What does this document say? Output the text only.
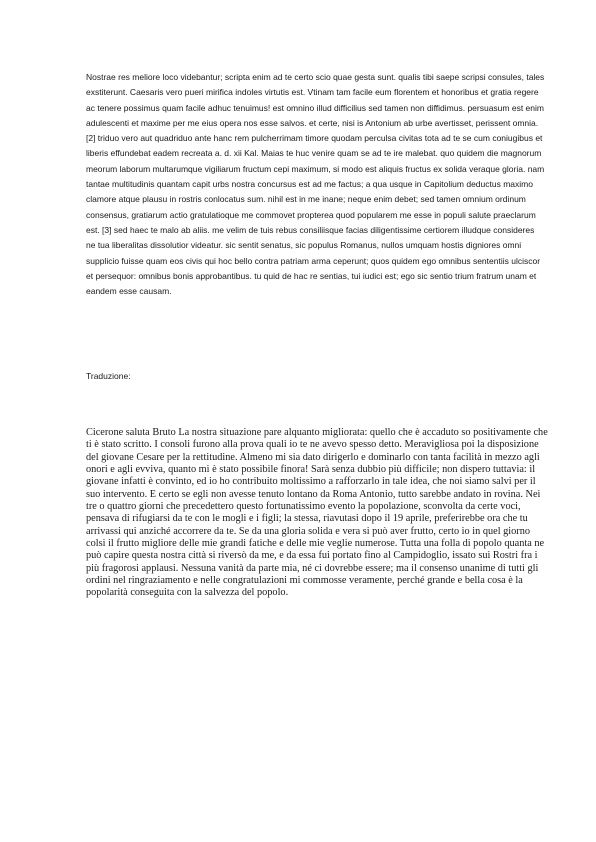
Nostrae res meliore loco videbantur; scripta enim ad te certo scio quae gesta sunt. qualis tibi saepe scripsi consules, tales exstiterunt. Caesaris vero pueri mirifica indoles virtutis est. Vtinam tam facile eum florentem et honoribus et gratia regere ac tenere possimus quam facile adhuc tenuimus! est omnino illud difficilius sed tamen non diffidimus. persuasum est enim adulescenti et maxime per me eius opera nos esse salvos. et certe, nisi is Antonium ab urbe avertisset, perissent omnia. [2] triduo vero aut quadriduo ante hanc rem pulcherrimam timore quodam perculsa civitas tota ad te se cum coniugibus et liberis effundebat eadem recreata a. d. xii Kal. Maias te huc venire quam se ad te ire malebat. quo quidem die magnorum meorum laborum multarumque vigiliarum fructum cepi maximum, si modo est aliquis fructus ex solida veraque gloria. nam tantae multitudinis quantam capit urbs nostra concursus est ad me factus; a qua usque in Capitolium deductus maximo clamore atque plausu in rostris conlocatus sum. nihil est in me inane; neque enim debet; sed tamen omnium ordinum consensus, gratiarum actio gratulatioque me commovet propterea quod popularem me esse in populi salute praeclarum est. [3] sed haec te malo ab aliis. me velim de tuis rebus consiliisque facias diligentissime certiorem illudque consideres ne tua liberalitas dissolutior videatur. sic sentit senatus, sic populus Romanus, nullos umquam hostis digniores omni supplicio fuisse quam eos civis qui hoc bello contra patriam arma ceperunt; quos quidem ego omnibus sententiis ulciscor et persequor: omnibus bonis approbantibus. tu quid de hac re sentias, tui iudici est; ego sic sentio trium fratrum unam et eandem esse causam.

Traduzione:

Cicerone saluta Bruto La nostra situazione pare alquanto migliorata: quello che è accaduto so positivamente che ti è stato scritto. I consoli furono alla prova quali io te ne avevo spesso detto. Meravigliosa poi la disposizione del giovane Cesare per la rettitudine. Almeno mi sia dato dirigerlo e dominarlo con tanta facilità in mezzo agli onori e agli evviva, quanto mi è stato possibile finora! Sarà senza dubbio più difficile; non dispero tuttavia: il giovane infatti è convinto, ed io ho contribuito moltissimo a rafforzarlo in tale idea, che noi siamo salvi per il suo intervento. E certo se egli non avesse tenuto lontano da Roma Antonio, tutto sarebbe andato in rovina. Nei tre o quattro giorni che precedettero questo fortunatissimo evento la popolazione, sconvolta da certe voci, pensava di rifugiarsi da te con le mogli e i figli; la stessa, riavutasi dopo il 19 aprile, preferirebbe ora che tu arrivassi qui anziché accorrere da te. Se da una gloria solida e vera si può aver frutto, certo io in quel giorno colsi il frutto migliore delle mie grandi fatiche e delle mie veglie numerose. Tutta una folla di popolo quanta ne può capire questa nostra città si riversò da me, e da essa fui portato fino al Campidoglio, issato sui Rostri fra i più fragorosi applausi. Nessuna vanità da parte mia, né ci dovrebbe essere; ma il consenso unanime di tutti gli ordini nel ringraziamento e nelle congratulazioni mi commosse veramente, perché grande e bella cosa è la popolarità conseguita con la salvezza del popolo.
